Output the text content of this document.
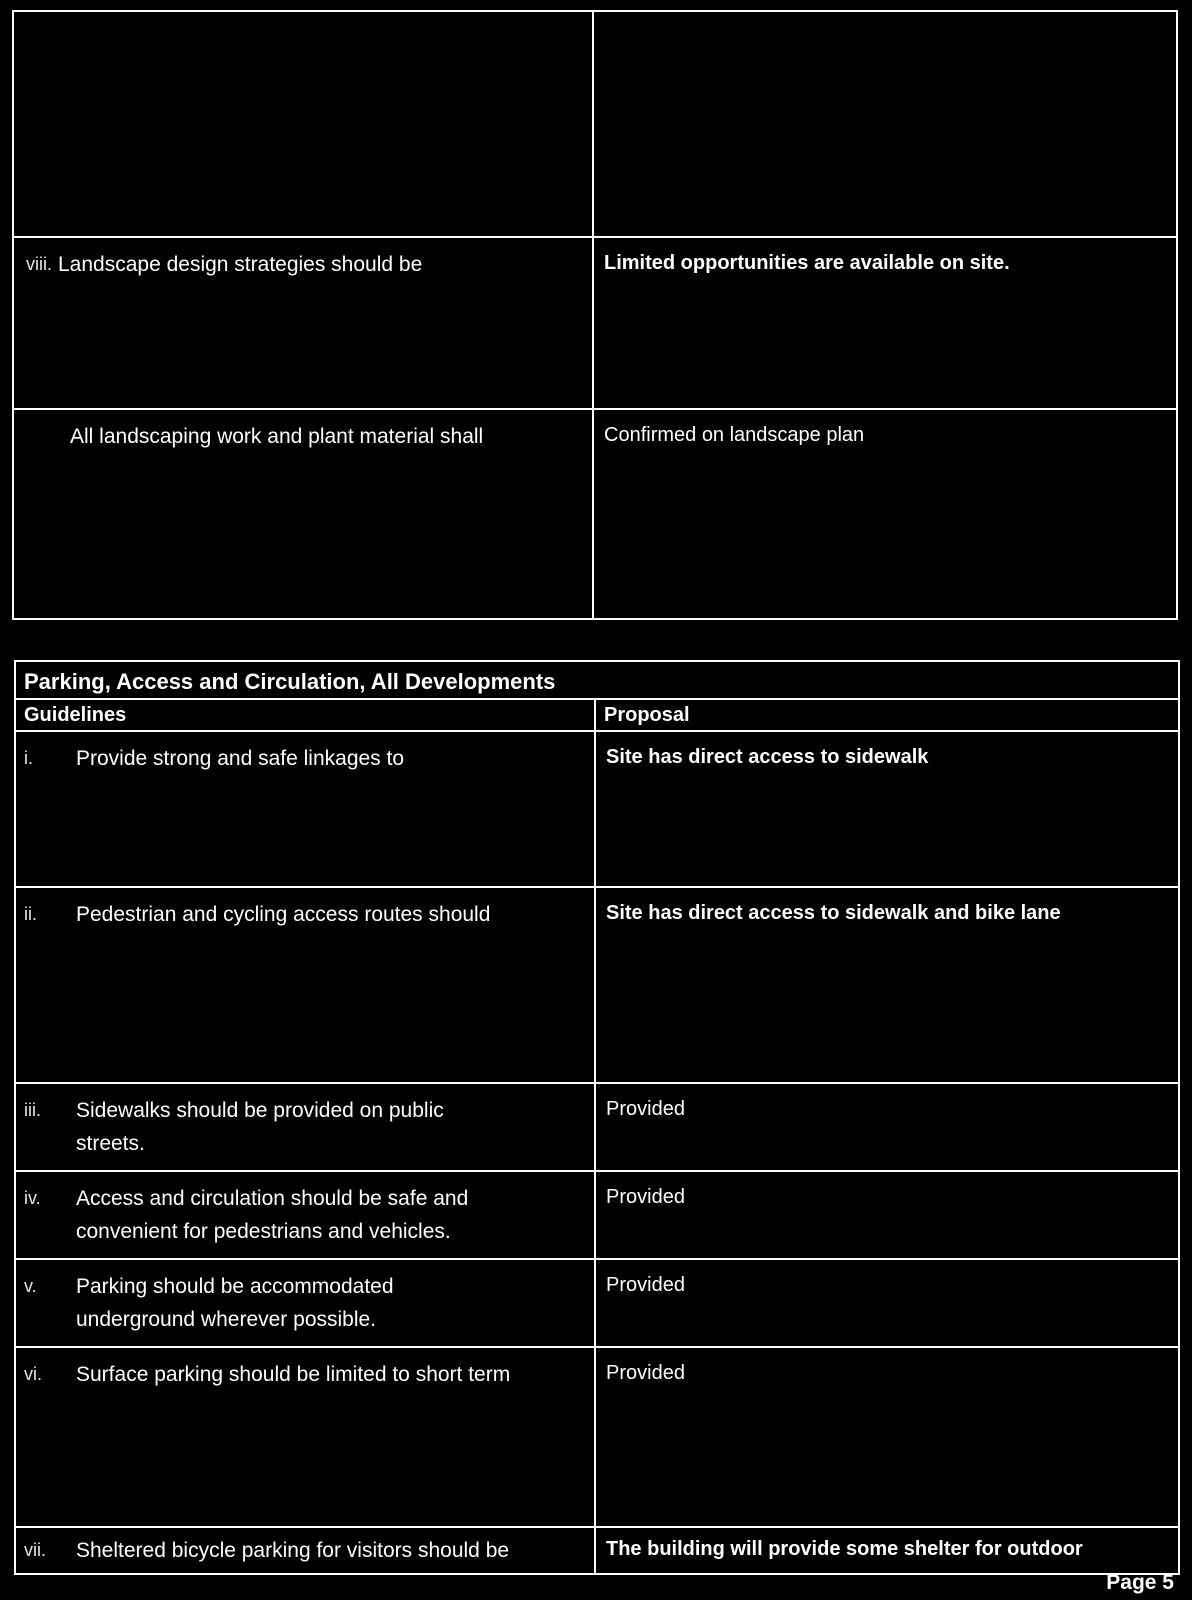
viii. Landscape design strategies should be	Limited opportunities are available on site.

All landscaping work and plant material shall	Confirmed on landscape plan
Parking, Access and Circulation, All Developments	

Guidelines	Proposal

i. Provide strong and safe linkages to	Site has direct access to sidewalk

ii. Pedestrian and cycling access routes should	Site has direct access to sidewalk and bike lane

iii. Sidewalks should be provided on public streets.	Provided

iv. Access and circulation should be safe and convenient for pedestrians and vehicles.	Provided

v. Parking should be accommodated underground wherever possible.	Provided

vi. Surface parking should be limited to short term	Provided

vii. Sheltered bicycle parking for visitors should be	The building will provide some shelter for outdoor
Page 5
